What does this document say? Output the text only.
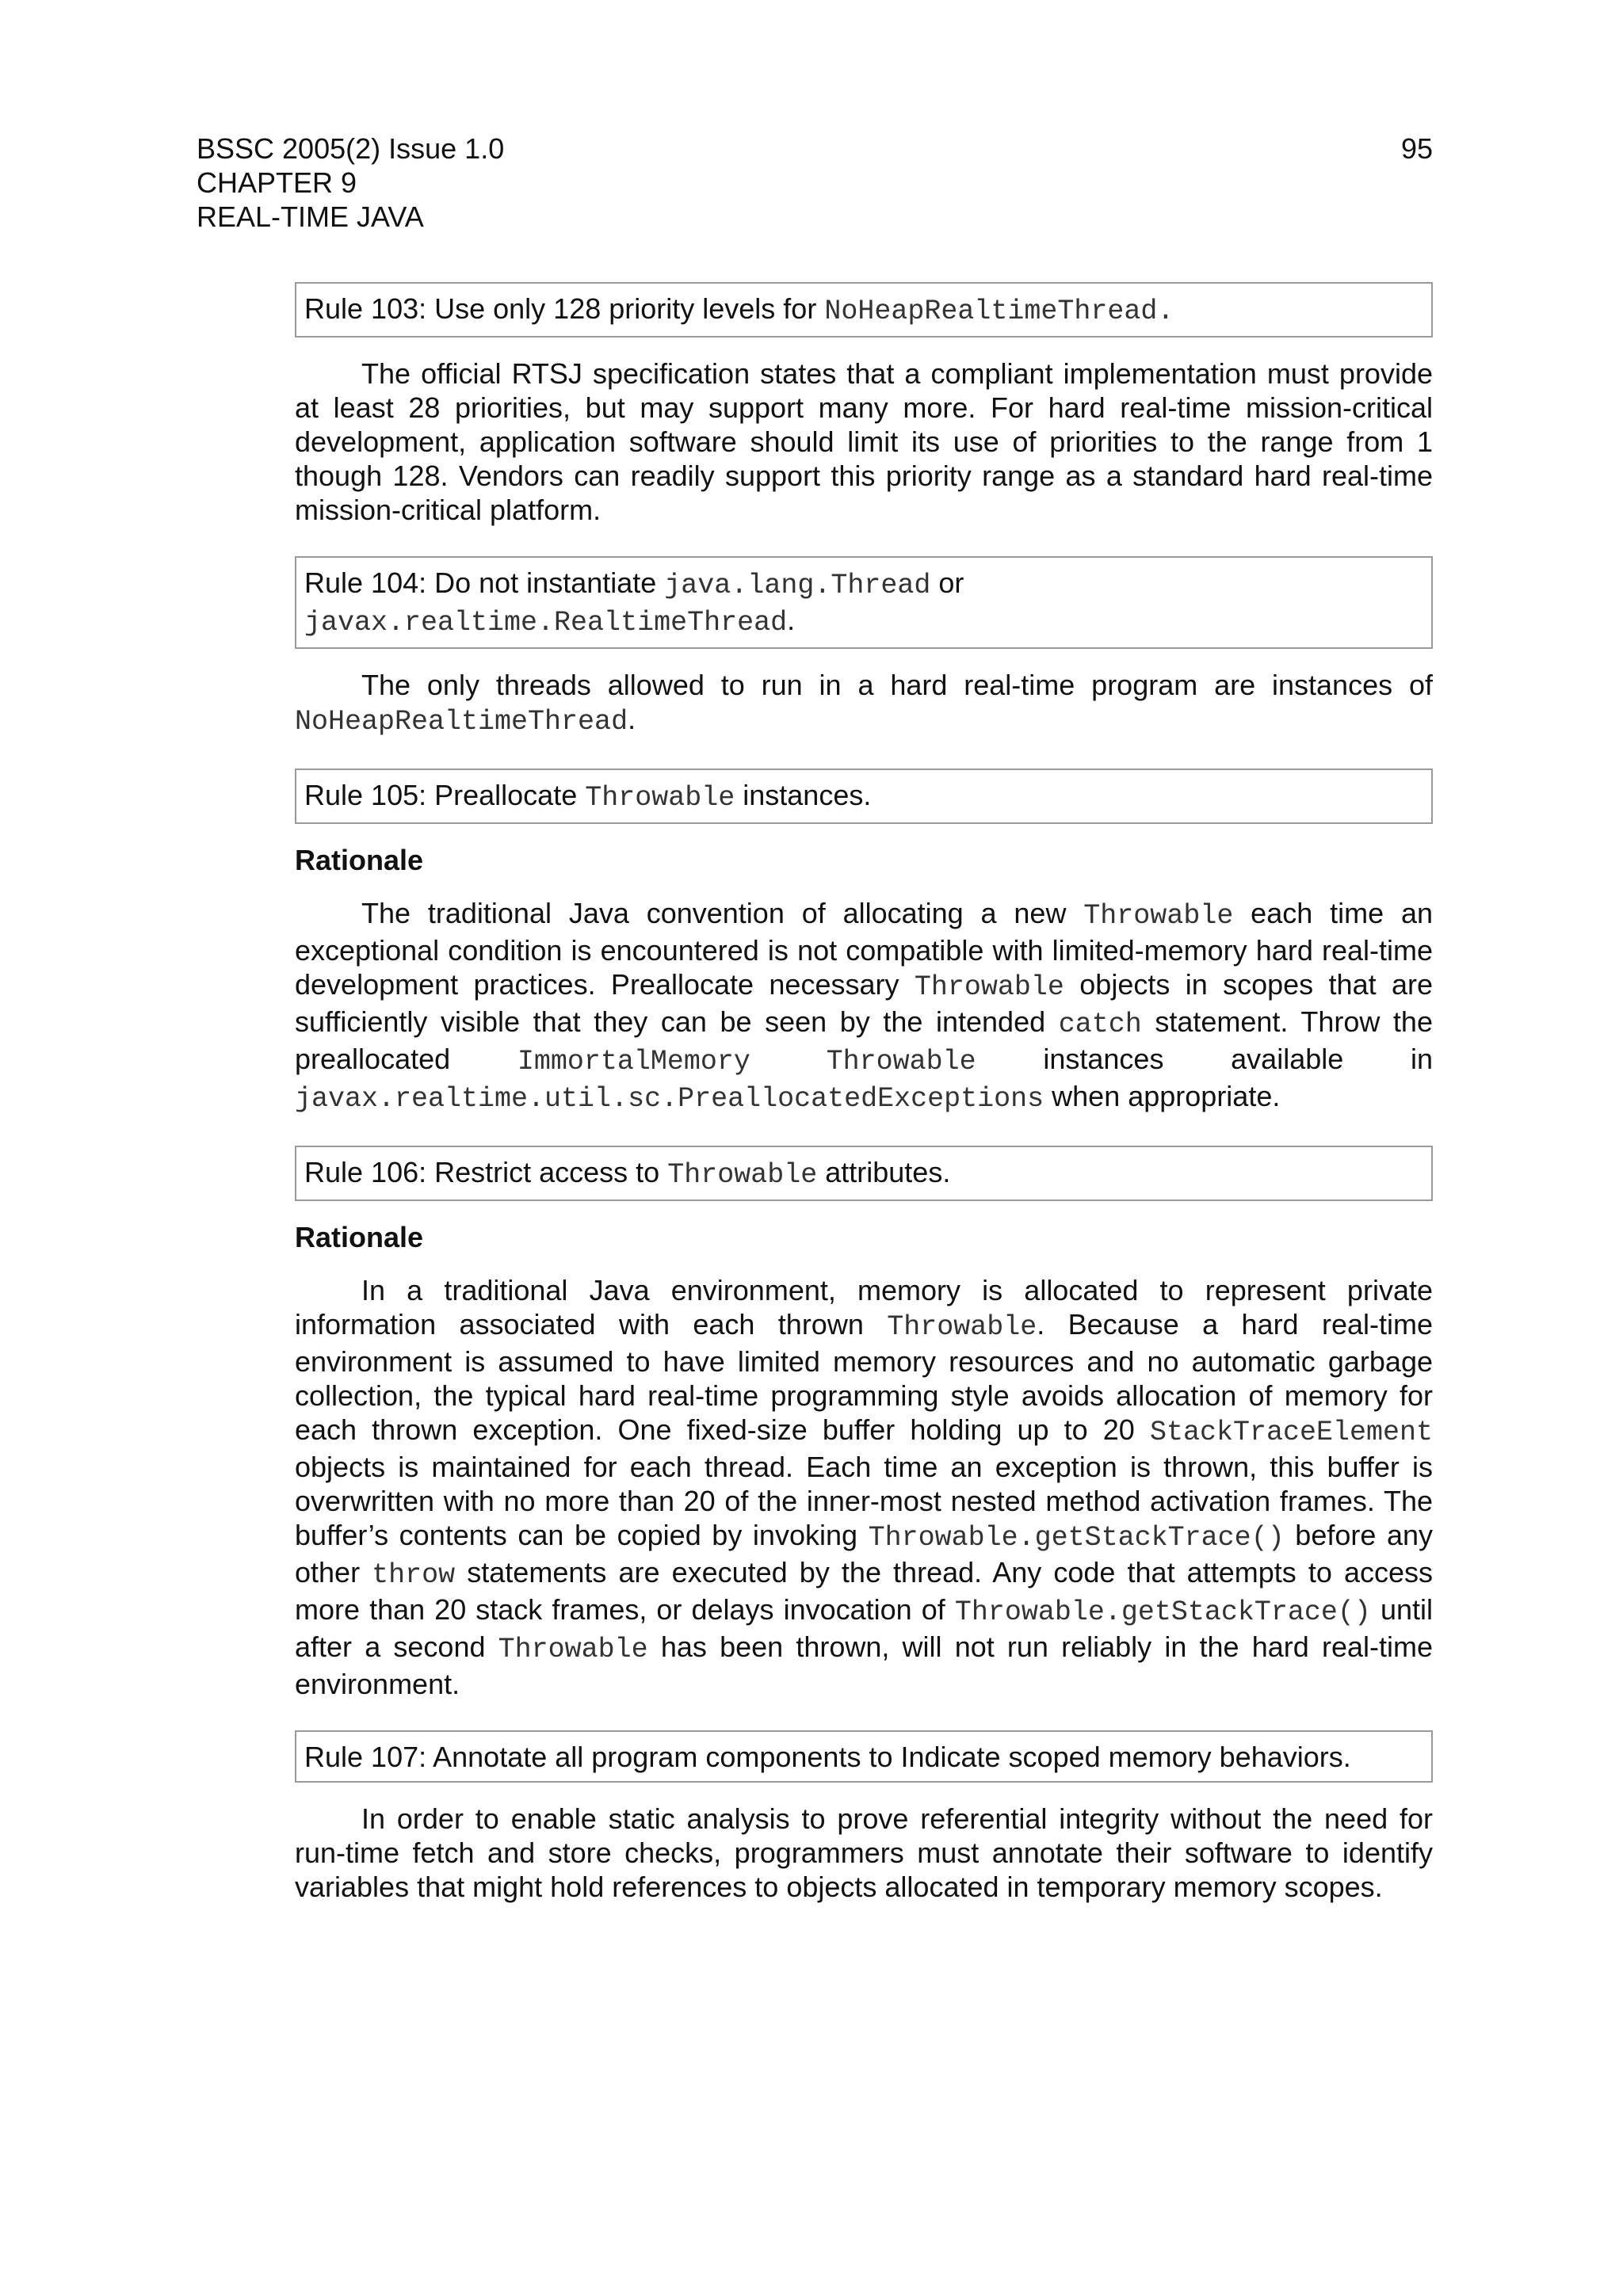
BSSC 2005(2) Issue 1.0
CHAPTER 9
REAL-TIME JAVA
95
Rule 103: Use only 128 priority levels for NoHeapRealtimeThread.

The official RTSJ specification states that a compliant implementation must provide at least 28 priorities, but may support many more. For hard real-time mission-critical development, application software should limit its use of priorities to the range from 1 though 128. Vendors can readily support this priority range as a standard hard real-time mission-critical platform.

Rule 104: Do not instantiate java.lang.Thread or
javax.realtime.RealtimeThread.

The only threads allowed to run in a hard real-time program are instances of NoHeapRealtimeThread.

Rule 105: Preallocate Throwable instances.
Rationale

The traditional Java convention of allocating a new Throwable each time an exceptional condition is encountered is not compatible with limited-memory hard real-time development practices. Preallocate necessary Throwable objects in scopes that are sufficiently visible that they can be seen by the intended catch statement. Throw the preallocated ImmortalMemory Throwable instances available in javax.realtime.util.sc.PreallocatedExceptions when appropriate.

Rule 106: Restrict access to Throwable attributes.
Rationale

In a traditional Java environment, memory is allocated to represent private information associated with each thrown Throwable. Because a hard real-time environment is assumed to have limited memory resources and no automatic garbage collection, the typical hard real-time programming style avoids allocation of memory for each thrown exception. One fixed-size buffer holding up to 20 StackTraceElement objects is maintained for each thread. Each time an exception is thrown, this buffer is overwritten with no more than 20 of the inner-most nested method activation frames. The buffer’s contents can be copied by invoking Throwable.getStackTrace() before any other throw statements are executed by the thread. Any code that attempts to access more than 20 stack frames, or delays invocation of Throwable.getStackTrace() until after a second Throwable has been thrown, will not run reliably in the hard real-time environment.

Rule 107: Annotate all program components to Indicate scoped memory behaviors.

In order to enable static analysis to prove referential integrity without the need for run-time fetch and store checks, programmers must annotate their software to identify variables that might hold references to objects allocated in temporary memory scopes.
